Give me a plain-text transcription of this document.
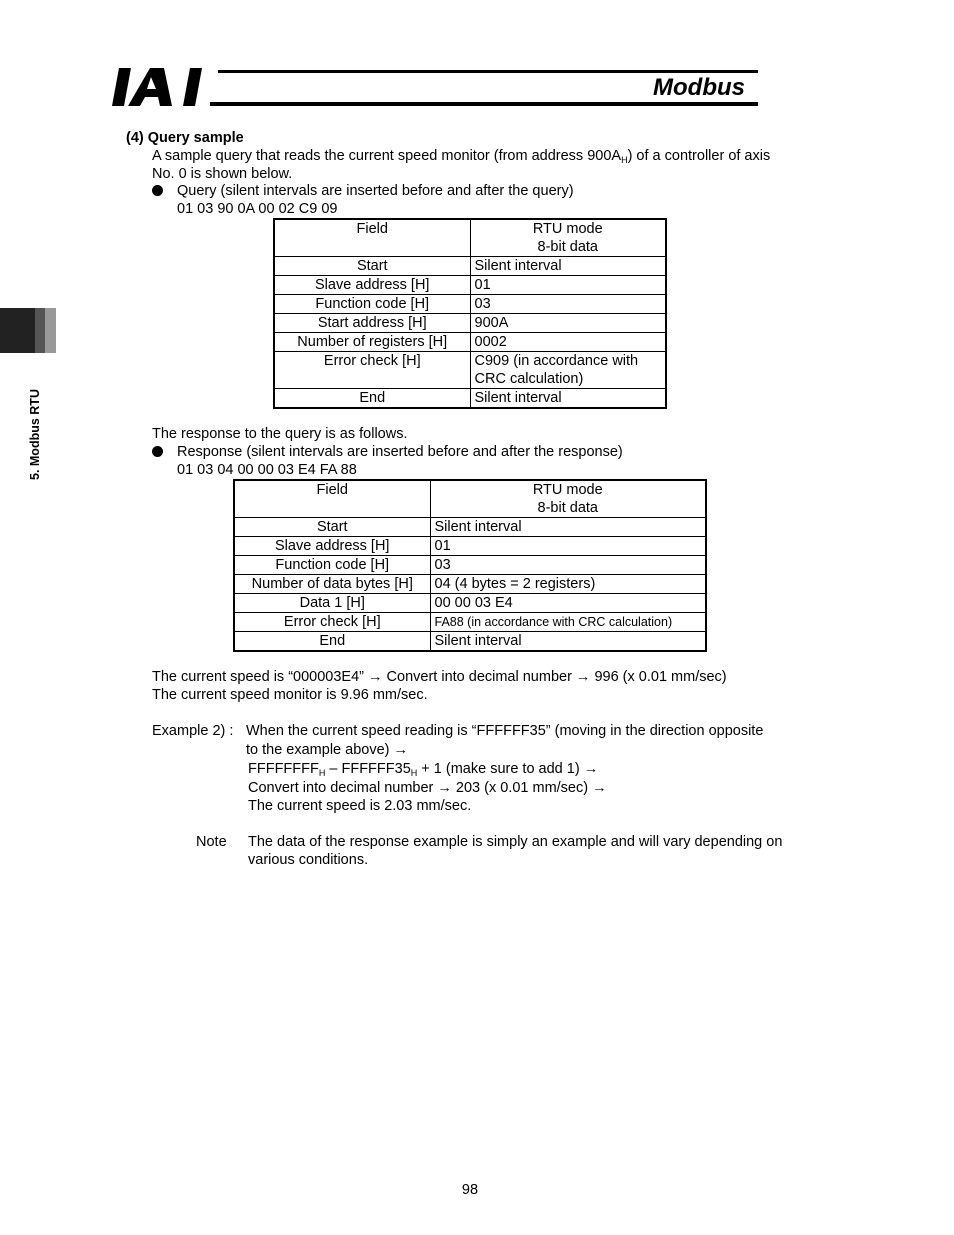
Modbus
5. Modbus RTU
(4) Query sample
A sample query that reads the current speed monitor (from address $900A_H$) of a controller of axis
No. 0 is shown below.
Query (silent intervals are inserted before and after the query)
01 03 90 0A 00 02 C9 09
Field	RTU mode
8-bit data
Start	Silent interval
Slave address [H]	01
Function code [H]	03
Start address [H]	900A
Number of registers [H]	0002
Error check [H]	C909 (in accordance with
CRC calculation)
End	Silent interval
The response to the query is as follows.
Response (silent intervals are inserted before and after the response)
01 03 04 00 00 03 E4 FA 88
Field	RTU mode
8-bit data
Start	Silent interval
Slave address [H]	01
Function code [H]	03
Number of data bytes [H]	04 (4 bytes = 2 registers)
Data 1 [H]	00 00 03 E4
Error check [H]	FA88 (in accordance with CRC calculation)
End	Silent interval
The current speed is “000003E4” → Convert into decimal number → 996 (x 0.01 mm/sec)
The current speed monitor is 9.96 mm/sec.
Example 2) : When the current speed reading is “FFFFFF35” (moving in the direction opposite
to the example above) →
$FFFFFFFF_H$ – $FFFFFF35_H + 1$ (make sure to add 1) →
Convert into decimal number → 203 (x 0.01 mm/sec) →
The current speed is 2.03 mm/sec.
Note The data of the response example is simply an example and will vary depending on
various conditions.
98
